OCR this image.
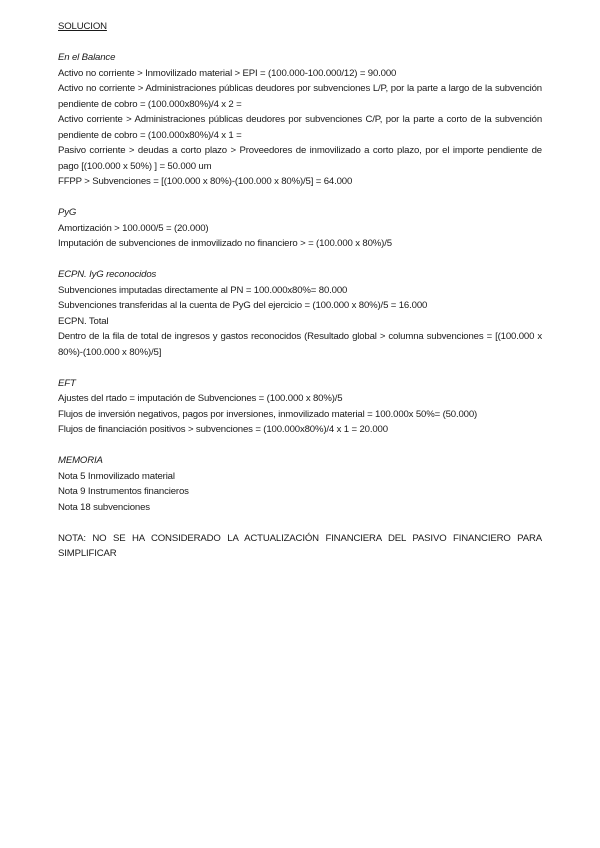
SOLUCION
En el Balance
Activo no corriente > Inmovilizado material > EPI = (100.000-100.000/12) = 90.000
Activo no corriente > Administraciones públicas deudores por subvenciones L/P, por la parte a largo de la subvención pendiente de cobro = (100.000x80%)/4 x 2 =
Activo corriente > Administraciones públicas deudores por subvenciones C/P, por la parte a corto de la subvención pendiente de cobro = (100.000x80%)/4 x 1 =
Pasivo corriente > deudas a corto plazo > Proveedores de inmovilizado a corto plazo, por el importe pendiente de pago [(100.000 x 50%) ] = 50.000 um
FFPP > Subvenciones = [(100.000 x 80%)-(100.000 x 80%)/5] = 64.000
PyG
Amortización > 100.000/5 = (20.000)
Imputación de subvenciones de inmovilizado no financiero > = (100.000 x 80%)/5
ECPN. IyG reconocidos
Subvenciones imputadas directamente al PN = 100.000x80%= 80.000
Subvenciones transferidas al la cuenta de PyG del ejercicio = (100.000 x 80%)/5 = 16.000
ECPN. Total
Dentro de la fila de total de ingresos y gastos reconocidos (Resultado global > columna subvenciones = [(100.000 x 80%)-(100.000 x 80%)/5]
EFT
Ajustes del rtado = imputación de Subvenciones = (100.000 x 80%)/5
Flujos de inversión negativos, pagos por inversiones, inmovilizado material = 100.000x 50%= (50.000)
Flujos de financiación positivos > subvenciones = (100.000x80%)/4 x 1 = 20.000
MEMORIA
Nota 5 Inmovilizado material
Nota 9 Instrumentos financieros
Nota 18 subvenciones
NOTA: NO SE HA CONSIDERADO LA ACTUALIZACIÓN FINANCIERA DEL PASIVO FINANCIERO PARA SIMPLIFICAR
